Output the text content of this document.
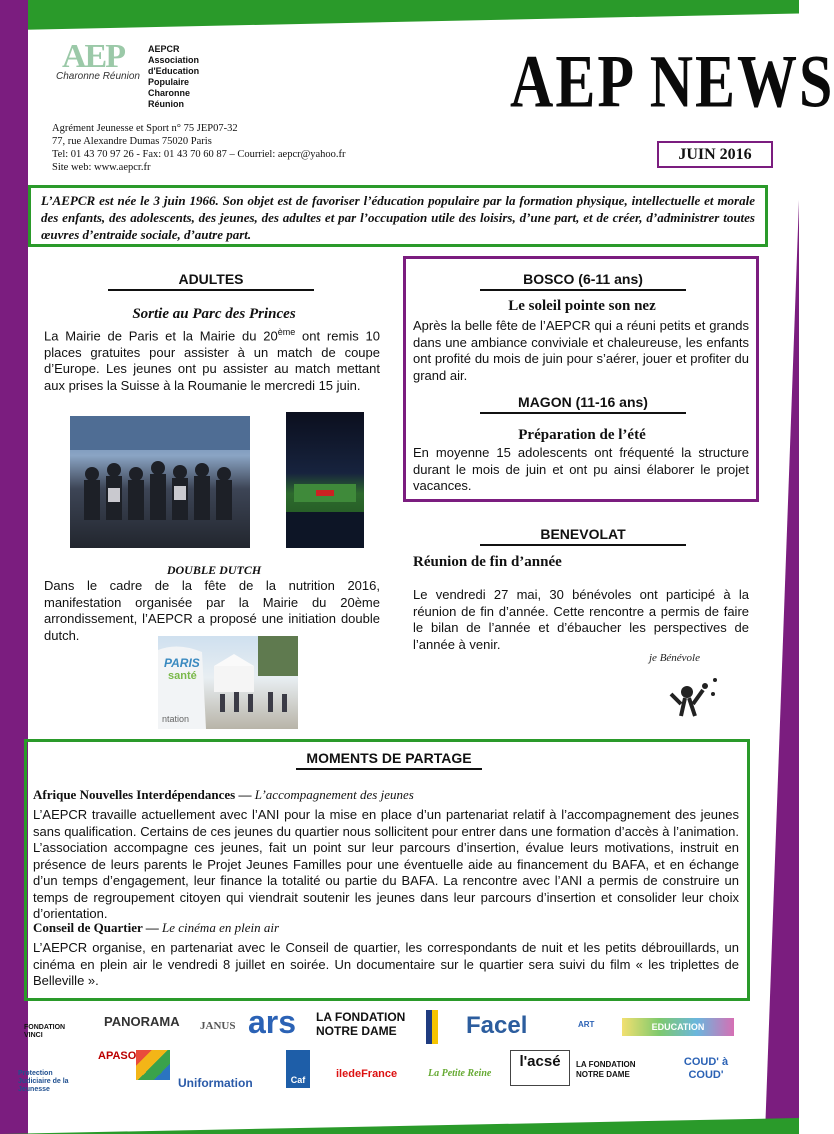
AEP
Charonne Réunion
AEPCR
Association
d'Education
Populaire
Charonne
Réunion	AEP NEWS
Agrément Jeunesse et Sport n° 75 JEP07-32
77, rue Alexandre Dumas 75020 Paris
Tel: 01 43 70 97 26 - Fax: 01 43 70 60 87 – Courriel: aepcr@yahoo.fr
Site web: www.aepcr.fr
JUIN 2016
L’AEPCR est née le 3 juin 1966. Son objet est de favoriser l’éducation populaire par la formation physique, intellectuelle et morale des enfants, des adolescents, des jeunes, des adultes et par l’occupation utile des loisirs, d’une part, et de créer, d’administrer toutes œuvres d’entraide sociale, d’autre part.
ADULTES
Sortie au Parc des Princes
La Mairie de Paris et la Mairie du 20ème ont remis 10 places gratuites pour assister à un match de coupe d’Europe. Les jeunes ont pu assister au match mettant aux prises la Suisse à la Roumanie le mercredi 15 juin.
DOUBLE DUTCH
Dans le cadre de la fête de la nutrition 2016, manifestation organisée par la Mairie du 20ème arrondissement, l’AEPCR a proposé une initiation double dutch.
PARIS
santé
ntation
BOSCO (6-11 ans)
Le soleil pointe son nez
Après la belle fête de l’AEPCR qui a réuni petits et grands dans une ambiance conviviale et chaleureuse, les enfants ont profité du mois de juin pour s’aérer, jouer et profiter du grand air.
MAGON (11-16 ans)
Préparation de l’été
En moyenne 15 adolescents ont fréquenté la structure durant le mois de juin et ont pu ainsi élaborer le projet vacances.
BENEVOLAT
Réunion de fin d’année
Le vendredi 27 mai, 30 bénévoles ont participé à la réunion de fin d’année. Cette rencontre a permis de faire le bilan de l’année et d’ébaucher les perspectives de l’année à venir.
je Bénévole
MOMENTS DE PARTAGE
Afrique Nouvelles Interdépendances — L’accompagnement des jeunes
L’AEPCR travaille actuellement avec l’ANI pour la mise en place d’un partenariat relatif à l’accompagnement des jeunes sans qualification. Certains de ces jeunes du quartier nous sollicitent pour entrer dans une formation d’accès à l’animation. L’association accompagne ces jeunes, fait un point sur leur parcours d’insertion, évalue leurs motivations, instruit en présence de leurs parents le Projet Jeunes Familles pour une éventuelle aide au financement du BAFA, et en échange d’un temps d’engagement, leur finance la totalité ou partie du BAFA. La rencontre avec l’ANI a permis de construire un temps de regroupement citoyen qui viendrait soutenir les jeunes dans leur parcours d’insertion et consolider leur choix d’orientation.
Conseil de Quartier — Le cinéma en plein air
L’AEPCR organise, en partenariat avec le Conseil de quartier, les correspondants de nuit et les petits débrouillards, un cinéma en plein air le vendredi 8 juillet en soirée. Un documentaire sur le quartier sera suivi du film « les triplettes de Belleville ».
FONDATION VINCI
PANORAMA JANUS ars LA FONDATION NOTRE DAME	Facel	ART	EDUCATION
APASO
Protection Judiciaire de la Jeunesse	Uniformation	Caf	iledeFrance	La Petite Reine
l'acsé	LA FONDATION NOTRE DAME
COUD' à COUD'
